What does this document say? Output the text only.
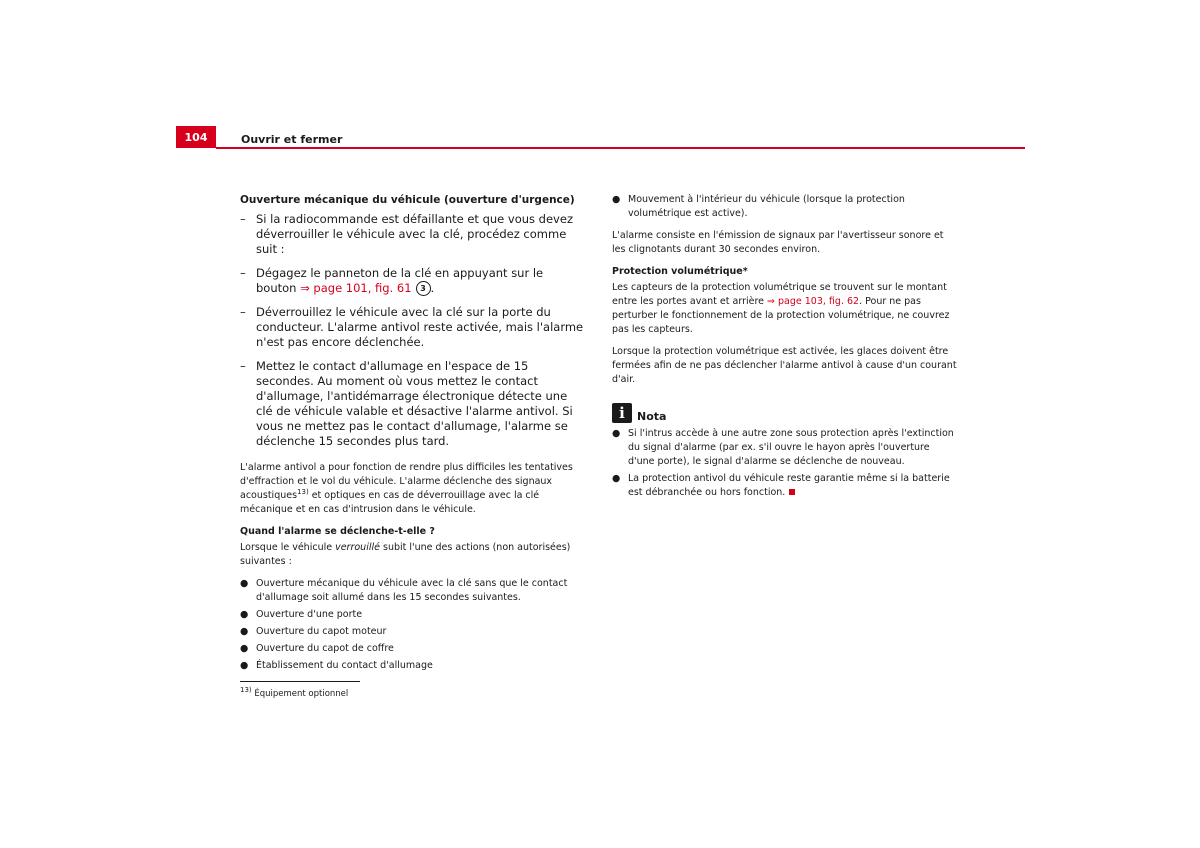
104	Ouvrir et fermer
Ouverture mécanique du véhicule (ouverture d'urgence)
– Si la radiocommande est défaillante et que vous devez déverrouiller le véhicule avec la clé, procédez comme suit :
– Dégagez le panneton de la clé en appuyant sur le bouton ⇒ page 101, fig. 61 3 .
– Déverrouillez le véhicule avec la clé sur la porte du conducteur. L'alarme antivol reste activée, mais l'alarme n'est pas encore déclenchée.
– Mettez le contact d'allumage en l'espace de 15 secondes. Au moment où vous mettez le contact d'allumage, l'antidémarrage électronique détecte une clé de véhicule valable et désactive l'alarme antivol. Si vous ne mettez pas le contact d'allumage, l'alarme se déclenche 15 secondes plus tard.

L'alarme antivol a pour fonction de rendre plus difficiles les tentatives d'effraction et le vol du véhicule. L'alarme déclenche des signaux acoustiques$^{13)}$ et optiques en cas de déverrouillage avec la clé mécanique et en cas d'intrusion dans le véhicule.

Quand l'alarme se déclenche-t-elle ?

Lorsque le véhicule verrouillé subit l'une des actions (non autorisées) suivantes :

● Ouverture mécanique du véhicule avec la clé sans que le contact d'allumage soit allumé dans les 15 secondes suivantes.
● Ouverture d'une porte
● Ouverture du capot moteur
● Ouverture du capot de coffre
● Établissement du contact d'allumage
$^{13)}$ Équipement optionnel
● Mouvement à l'intérieur du véhicule (lorsque la protection volumétrique est active).

L'alarme consiste en l'émission de signaux par l'avertisseur sonore et les clignotants durant 30 secondes environ.

Protection volumétrique*

Les capteurs de la protection volumétrique se trouvent sur le montant entre les portes avant et arrière ⇒ page 103, fig. 62. Pour ne pas perturber le fonctionnement de la protection volumétrique, ne couvrez pas les capteurs.

Lorsque la protection volumétrique est activée, les glaces doivent être fermées afin de ne pas déclencher l'alarme antivol à cause d'un courant d'air.

i	Nota
● Si l'intrus accède à une autre zone sous protection après l'extinction du signal d'alarme (par ex. s'il ouvre le hayon après l'ouverture d'une porte), le signal d'alarme se déclenche de nouveau.
● La protection antivol du véhicule reste garantie même si la batterie est débranchée ou hors fonction.
